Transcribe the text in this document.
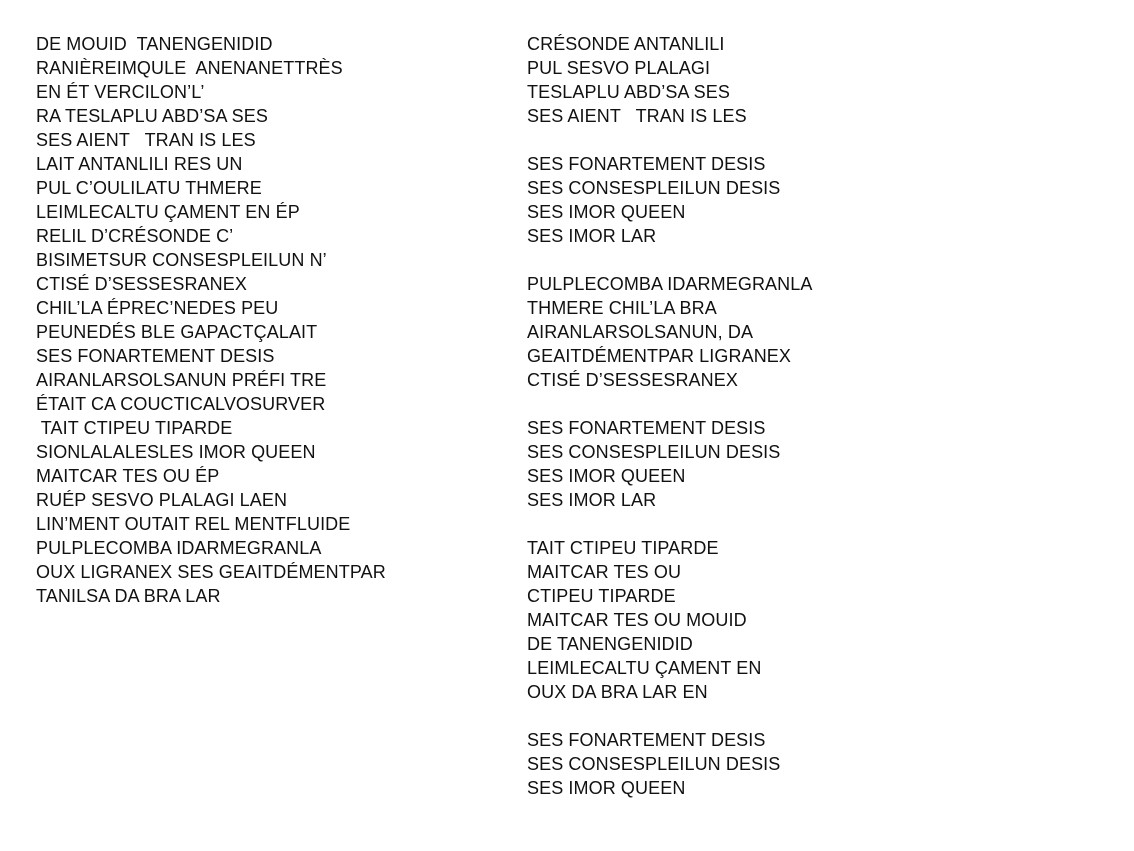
DE MOUID  TANENGENIDID
RANIÈREIMQULE  ANENANETTRÈS
EN ÉT VERCILON’L’
RA TESLAPLU ABD’SA SES
SES AIENT   TRAN IS LES
LAIT ANTANLILI RES UN
PUL C’OULILATU THMERE
LEIMLECALTU ÇAMENT EN ÉP
RELIL D’CRÉSONDE C’
BISIMETSUR CONSESPLEILUN N’
CTISÉ D’SESSESRANEX
CHIL’LA ÉPREC’NEDES PEU
PEUNEDÉS BLE GAPACTÇALAIT
SES FONARTEMENT DESIS
AIRANLARSOLSANUN PRÉFI TRE
ÉTAIT CA COUCTICALVOSURVER
TAIT CTIPEU TIPARDE
SIONLALALESLES IMOR QUEEN
MAITCAR TES OU ÉP
RUÉP SESVO PLALAGI LAEN
LIN’MENT OUTAIT REL MENTFLUIDE
PULPLECOMBA IDARMEGRANLA
OUX LIGRANEX SES GEAITDÉMENTPAR
TANILSA DA BRA LAR
CRÉSONDE ANTANLILI
PUL SESVO PLALAGI
TESLAPLU ABD’SA SES
SES AIENT   TRAN IS LES
SES FONARTEMENT DESIS
SES CONSESPLEILUN DESIS
SES IMOR QUEEN
SES IMOR LAR
PULPLECOMBA IDARMEGRANLA
THMERE CHIL’LA BRA
AIRANLARSOLSANUN, DA
GEAITDÉMENTPAR LIGRANEX
CTISÉ D’SESSESRANEX
SES FONARTEMENT DESIS
SES CONSESPLEILUN DESIS
SES IMOR QUEEN
SES IMOR LAR
TAIT CTIPEU TIPARDE
MAITCAR TES OU
CTIPEU TIPARDE
MAITCAR TES OU MOUID
DE TANENGENIDID
LEIMLECALTU ÇAMENT EN
OUX DA BRA LAR EN
SES FONARTEMENT DESIS
SES CONSESPLEILUN DESIS
SES IMOR QUEEN
